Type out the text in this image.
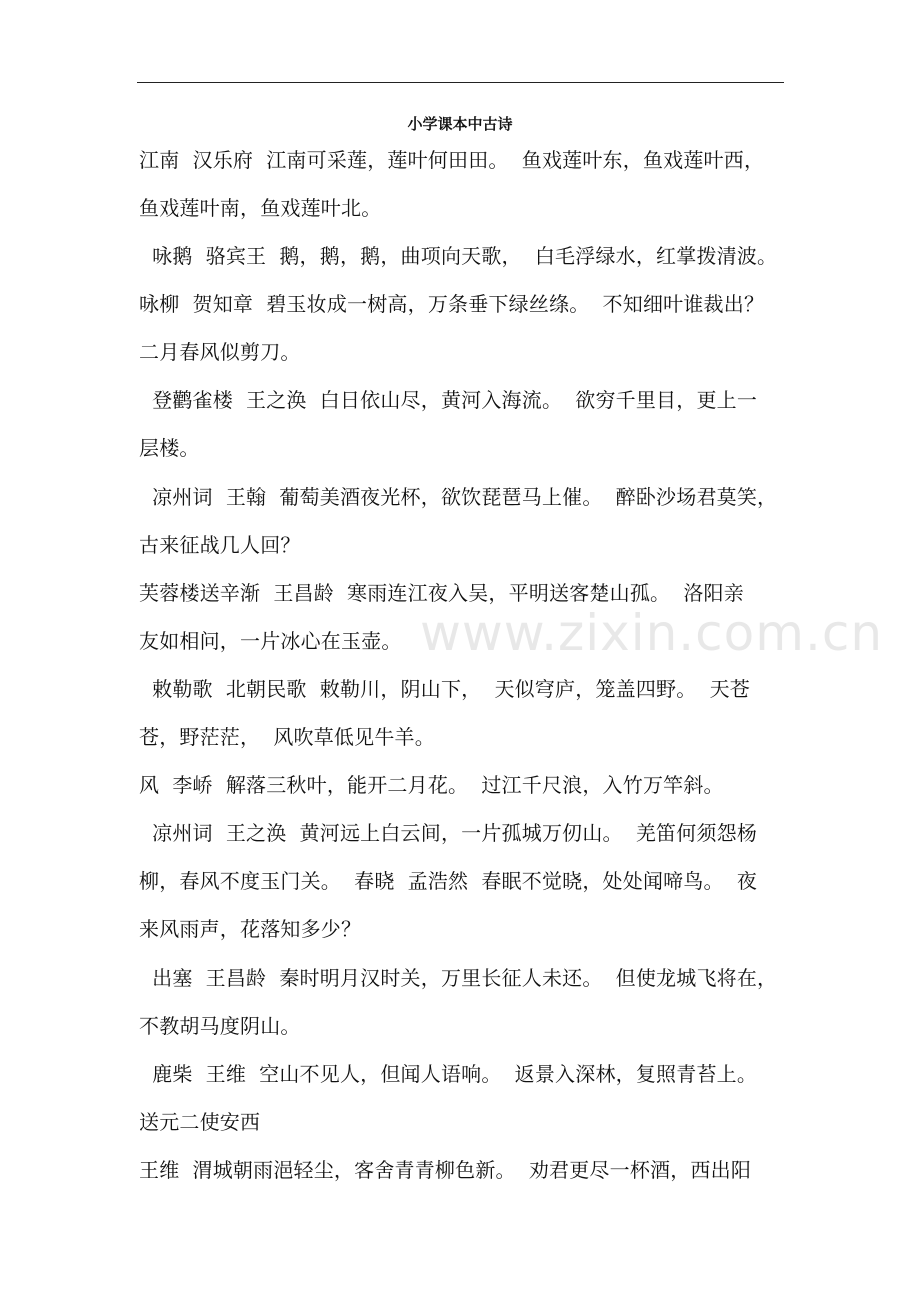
小学课本中古诗
江南  汉乐府  江南可采莲，莲叶何田田。  鱼戏莲叶东，鱼戏莲叶西，
鱼戏莲叶南，鱼戏莲叶北。
咏鹅  骆宾王  鹅，鹅，鹅，曲项向天歌，  白毛浮绿水，红掌拨清波。
咏柳  贺知章  碧玉妆成一树高，万条垂下绿丝绦。  不知细叶谁裁出？
二月春风似剪刀。
登鹳雀楼  王之涣  白日依山尽，黄河入海流。  欲穷千里目，更上一
层楼。
凉州词  王翰  葡萄美酒夜光杯，欲饮琵琶马上催。  醉卧沙场君莫笑，
古来征战几人回？
芙蓉楼送辛渐  王昌龄  寒雨连江夜入吴，平明送客楚山孤。  洛阳亲
友如相问，一片冰心在玉壶。
敕勒歌  北朝民歌  敕勒川，阴山下，  天似穹庐，笼盖四野。  天苍
苍，野茫茫，  风吹草低见牛羊。
风  李峤  解落三秋叶，能开二月花。  过江千尺浪，入竹万竿斜。
凉州词  王之涣  黄河远上白云间，一片孤城万仞山。  羌笛何须怨杨
柳，春风不度玉门关。  春晓  孟浩然  春眠不觉晓，处处闻啼鸟。  夜
来风雨声，花落知多少？
出塞  王昌龄  秦时明月汉时关，万里长征人未还。  但使龙城飞将在，
不教胡马度阴山。
鹿柴  王维  空山不见人，但闻人语响。  返景入深林，复照青苔上。
送元二使安西
王维  渭城朝雨浥轻尘，客舍青青柳色新。  劝君更尽一杯酒，西出阳
www.zixin.com.cn
